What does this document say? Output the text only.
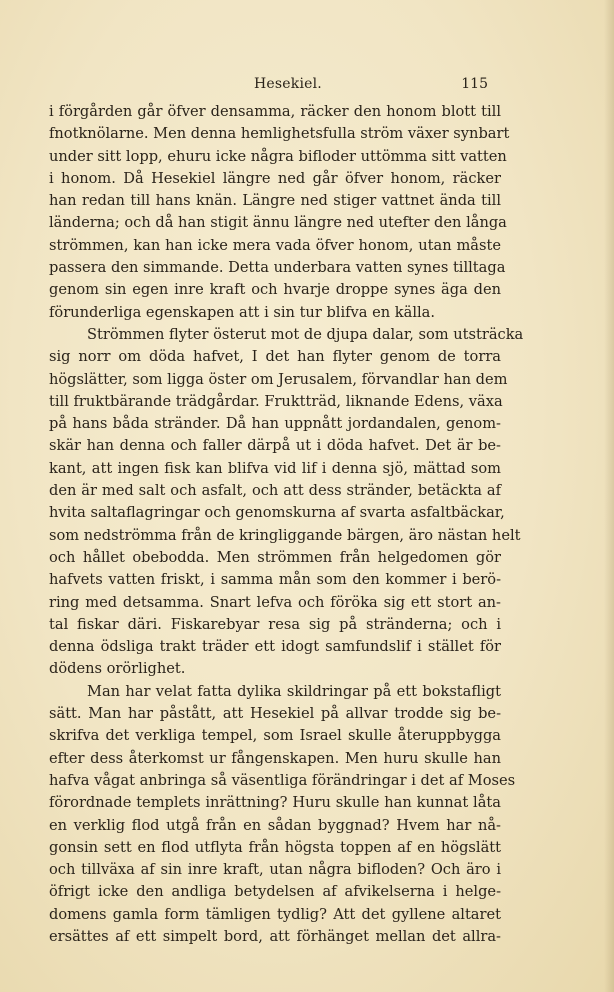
Hesekiel.	115
i förgården går öfver densamma, räcker den honom blott till
fnotknölarne. Men denna hemlighetsfulla ström växer synbart
under sitt lopp, ehuru icke några bifloder uttömma sitt vatten
i honom. Då Hesekiel längre ned går öfver honom, räcker
han redan till hans knän. Längre ned stiger vattnet ända till
länderna; och då han stigit ännu längre ned utefter den långa
strömmen, kan han icke mera vada öfver honom, utan måste
passera den simmande. Detta underbara vatten synes tilltaga
genom sin egen inre kraft och hvarje droppe synes äga den
förunderliga egenskapen att i sin tur blifva en källa.
Strömmen flyter österut mot de djupa dalar, som utsträcka
sig norr om döda hafvet, I det han flyter genom de torra
högslätter, som ligga öster om Jerusalem, förvandlar han dem
till fruktbärande trädgårdar. Fruktträd, liknande Edens, växa
på hans båda stränder. Då han uppnått jordandalen, genom-
skär han denna och faller därpå ut i döda hafvet. Det är be-
kant, att ingen fisk kan blifva vid lif i denna sjö, mättad som
den är med salt och asfalt, och att dess stränder, betäckta af
hvita saltaflagringar och genomskurna af svarta asfaltbäckar,
som nedströmma från de kringliggande bärgen, äro nästan helt
och hållet obebodda. Men strömmen från helgedomen gör
hafvets vatten friskt, i samma mån som den kommer i berö-
ring med detsamma. Snart lefva och föröka sig ett stort an-
tal fiskar däri. Fiskarebyar resa sig på stränderna; och i
denna ödsliga trakt träder ett idogt samfundslif i stället för
dödens orörlighet.
Man har velat fatta dylika skildringar på ett bokstafligt
sätt. Man har påstått, att Hesekiel på allvar trodde sig be-
skrifva det verkliga tempel, som Israel skulle återuppbygga
efter dess återkomst ur fångenskapen. Men huru skulle han
hafva vågat anbringa så väsentliga förändringar i det af Moses
förordnade templets inrättning? Huru skulle han kunnat låta
en verklig flod utgå från en sådan byggnad? Hvem har nå-
gonsin sett en flod utflyta från högsta toppen af en högslätt
och tillväxa af sin inre kraft, utan några bifloden? Och äro i
öfrigt icke den andliga betydelsen af afvikelserna i helge-
domens gamla form tämligen tydlig? Att det gyllene altaret
ersättes af ett simpelt bord, att förhänget mellan det allra-
